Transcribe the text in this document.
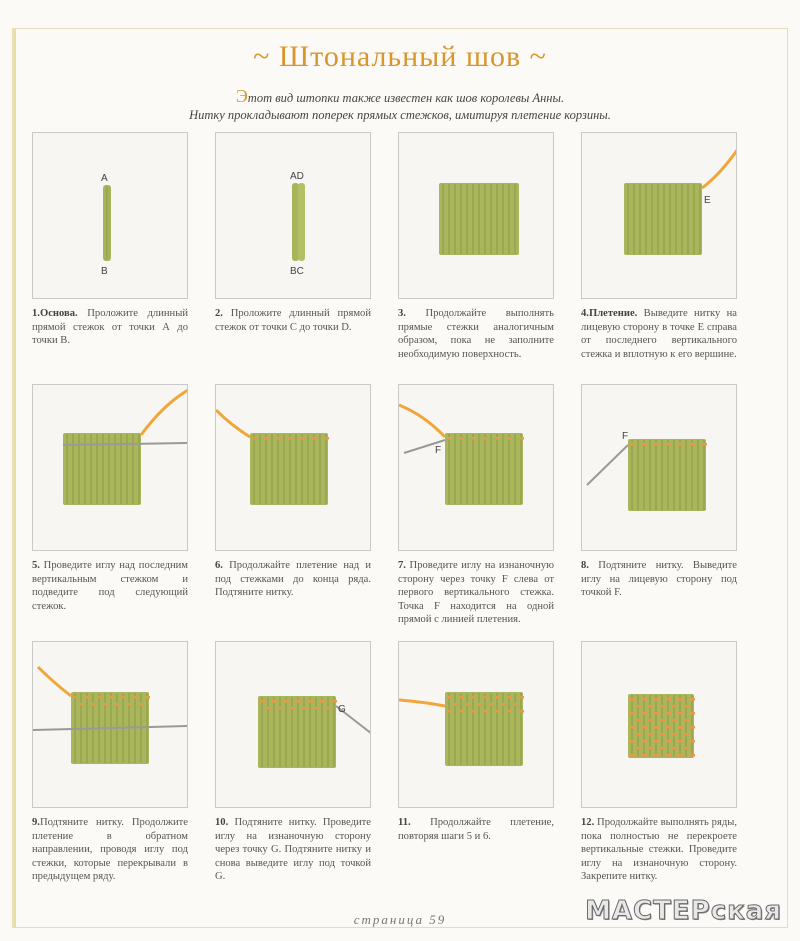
~ Штональный шов ~
Этот вид штопки также известен как шов королевы Анны.
Нитку прокладывают поперек прямых стежков, имитируя плетение корзины.
A
B
1.Основа. Проложите длинный прямой стежок от точки А до точки В.
AD
BC
2. Проложите длинный прямой стежок от точки С до точки D.
3. Продолжайте выполнять прямые стежки аналогичным образом, пока не заполните необходимую поверхность.
E
4.Плетение. Выведите нитку на лицевую сторону в точке Е справа от последнего вертикального стежка и вплотную к его вершине.
5. Проведите иглу над последним вертикальным стежком и подведите под следующий стежок.
6. Продолжайте плетение над и под стежками до конца ряда. Подтяните нитку.
F
7. Проведите иглу на изнаночную сторону через точку F слева от первого вертикального стежка. Точка F находится на одной прямой с линией плетения.
F
8. Подтяните нитку. Выведите иглу на лицевую сторону под точкой F.
9.Подтяните нитку. Продолжите плетение в обратном направлении, проводя иглу под стежки, которые перекрывали в предыдущем ряду.
G
10. Подтяните нитку. Проведите иглу на изнаночную сторону через точку G. Подтяните нитку и снова выведите иглу под точкой G.
11. Продолжайте плетение, повторяя шаги 5 и 6.
12. Продолжайте выполнять ряды, пока полностью не перекроете вертикальные стежки. Проведите иглу на изнаночную сторону. Закрепите нитку.
страница 59	МАСТЕРская
